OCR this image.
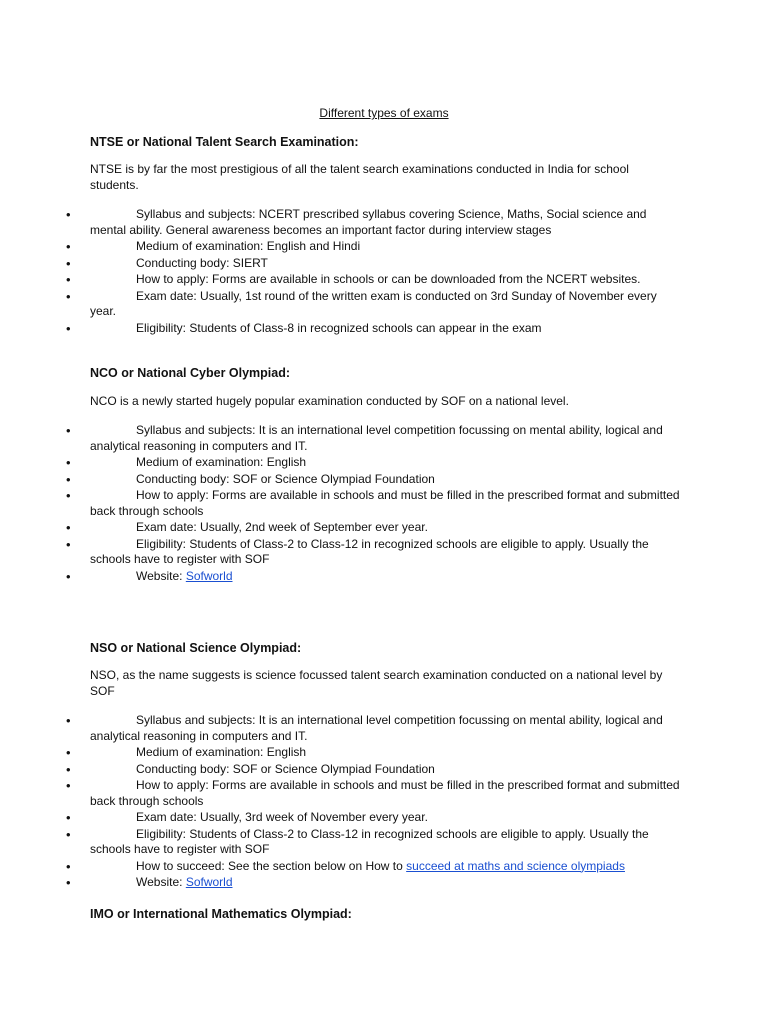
Different types of exams
NTSE or National Talent Search Examination:
NTSE is by far the most prestigious of all the talent search examinations conducted in India for school students.
•	Syllabus and subjects: NCERT prescribed syllabus covering Science, Maths, Social science and mental ability. General awareness becomes an important factor during interview stages
•	Medium of examination: English and Hindi
•	Conducting body: SIERT
•	How to apply: Forms are available in schools or can be downloaded from the NCERT websites.
•	Exam date: Usually, 1st round of the written exam is conducted on 3rd Sunday of November every year.
•	Eligibility: Students of Class-8 in recognized schools can appear in the exam
NCO or National Cyber Olympiad:
NCO is a newly started hugely popular examination conducted by SOF on a national level.
•	Syllabus and subjects: It is an international level competition focussing on mental ability, logical and analytical reasoning in computers and IT.
•	Medium of examination: English
•	Conducting body: SOF or Science Olympiad Foundation
•	How to apply: Forms are available in schools and must be filled in the prescribed format and submitted back through schools
•	Exam date: Usually, 2nd week of September ever year.
•	Eligibility: Students of Class-2 to Class-12 in recognized schools are eligible to apply. Usually the schools have to register with SOF
•	Website: Sofworld
NSO or National Science Olympiad:
NSO, as the name suggests is science focussed talent search examination conducted on a national level by SOF
•	Syllabus and subjects: It is an international level competition focussing on mental ability, logical and analytical reasoning in computers and IT.
•	Medium of examination: English
•	Conducting body: SOF or Science Olympiad Foundation
•	How to apply: Forms are available in schools and must be filled in the prescribed format and submitted back through schools
•	Exam date: Usually, 3rd week of November every year.
•	Eligibility: Students of Class-2 to Class-12 in recognized schools are eligible to apply. Usually the schools have to register with SOF
•	How to succeed: See the section below on How to succeed at maths and science olympiads
•	Website: Sofworld
IMO or International Mathematics Olympiad:
